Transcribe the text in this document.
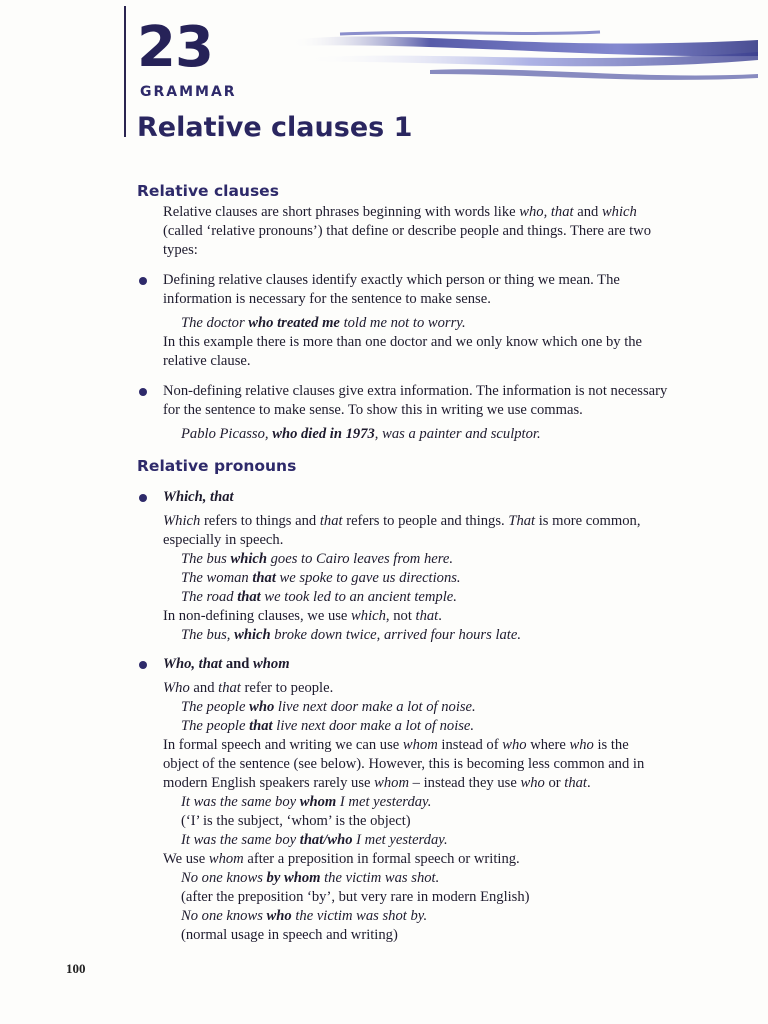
23
GRAMMAR
Relative clauses 1
Relative clauses
Relative clauses are short phrases beginning with words like who, that and which
(called ‘relative pronouns’) that define or describe people and things. There are two
types:
Defining relative clauses identify exactly which person or thing we mean. The
information is necessary for the sentence to make sense.
The doctor who treated me told me not to worry.
In this example there is more than one doctor and we only know which one by the
relative clause.
Non-defining relative clauses give extra information. The information is not necessary
for the sentence to make sense. To show this in writing we use commas.
Pablo Picasso, who died in 1973, was a painter and sculptor.
Relative pronouns
Which, that
Which refers to things and that refers to people and things. That is more common,
especially in speech.
The bus which goes to Cairo leaves from here.
The woman that we spoke to gave us directions.
The road that we took led to an ancient temple.
In non-defining clauses, we use which, not that.
The bus, which broke down twice, arrived four hours late.
Who, that and whom
Who and that refer to people.
The people who live next door make a lot of noise.
The people that live next door make a lot of noise.
In formal speech and writing we can use whom instead of who where who is the
object of the sentence (see below). However, this is becoming less common and in
modern English speakers rarely use whom – instead they use who or that.
It was the same boy whom I met yesterday.
(‘I’ is the subject, ‘whom’ is the object)
It was the same boy that/who I met yesterday.
We use whom after a preposition in formal speech or writing.
No one knows by whom the victim was shot.
(after the preposition ‘by’, but very rare in modern English)
No one knows who the victim was shot by.
(normal usage in speech and writing)
100
